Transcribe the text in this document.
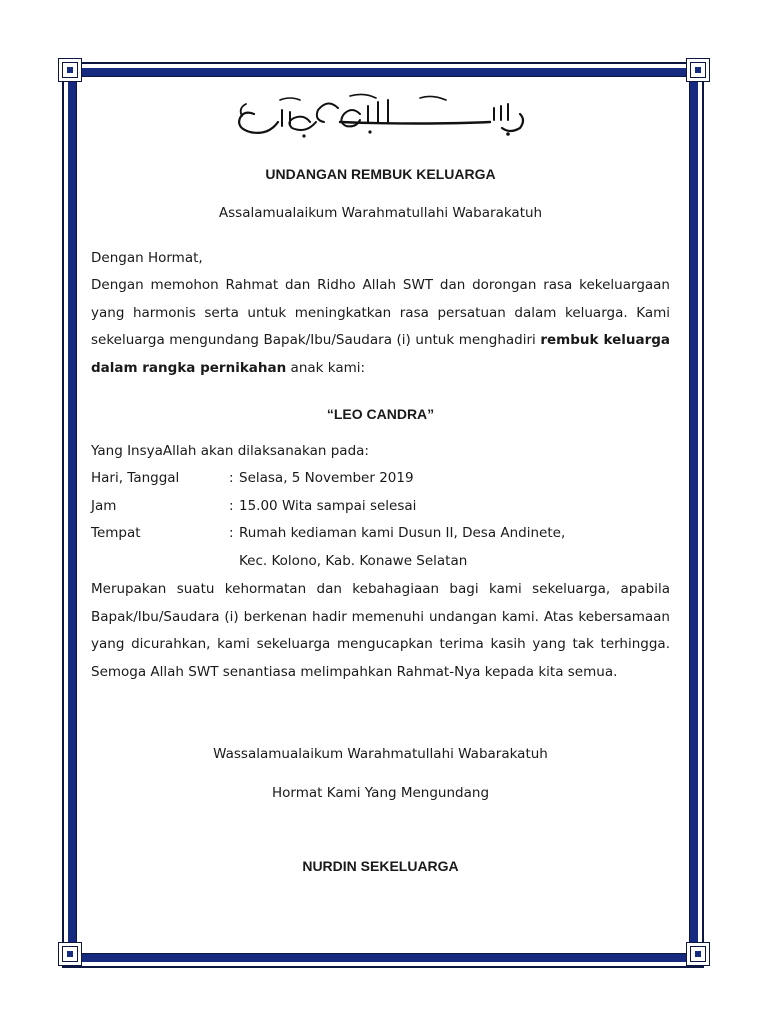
UNDANGAN REMBUK KELUARGA
Assalamualaikum Warahmatullahi Wabarakatuh
Dengan Hormat,
Dengan memohon Rahmat dan Ridho Allah SWT dan dorongan rasa kekeluargaan yang harmonis serta untuk meningkatkan rasa persatuan dalam keluarga. Kami sekeluarga mengundang Bapak/Ibu/Saudara (i) untuk menghadiri rembuk keluarga dalam rangka pernikahan anak kami:
“LEO CANDRA”
Yang InsyaAllah akan dilaksanakan pada:
Hari, Tanggal	: Selasa, 5 November 2019
Jam	: 15.00 Wita sampai selesai
Tempat	: Rumah kediaman kami Dusun II, Desa Andinete,
Kec. Kolono, Kab. Konawe Selatan
Merupakan suatu kehormatan dan kebahagiaan bagi kami sekeluarga, apabila Bapak/Ibu/Saudara (i) berkenan hadir memenuhi undangan kami. Atas kebersamaan yang dicurahkan, kami sekeluarga mengucapkan terima kasih yang tak terhingga. Semoga Allah SWT senantiasa melimpahkan Rahmat-Nya kepada kita semua.
Wassalamualaikum Warahmatullahi Wabarakatuh
Hormat Kami Yang Mengundang
NURDIN SEKELUARGA
